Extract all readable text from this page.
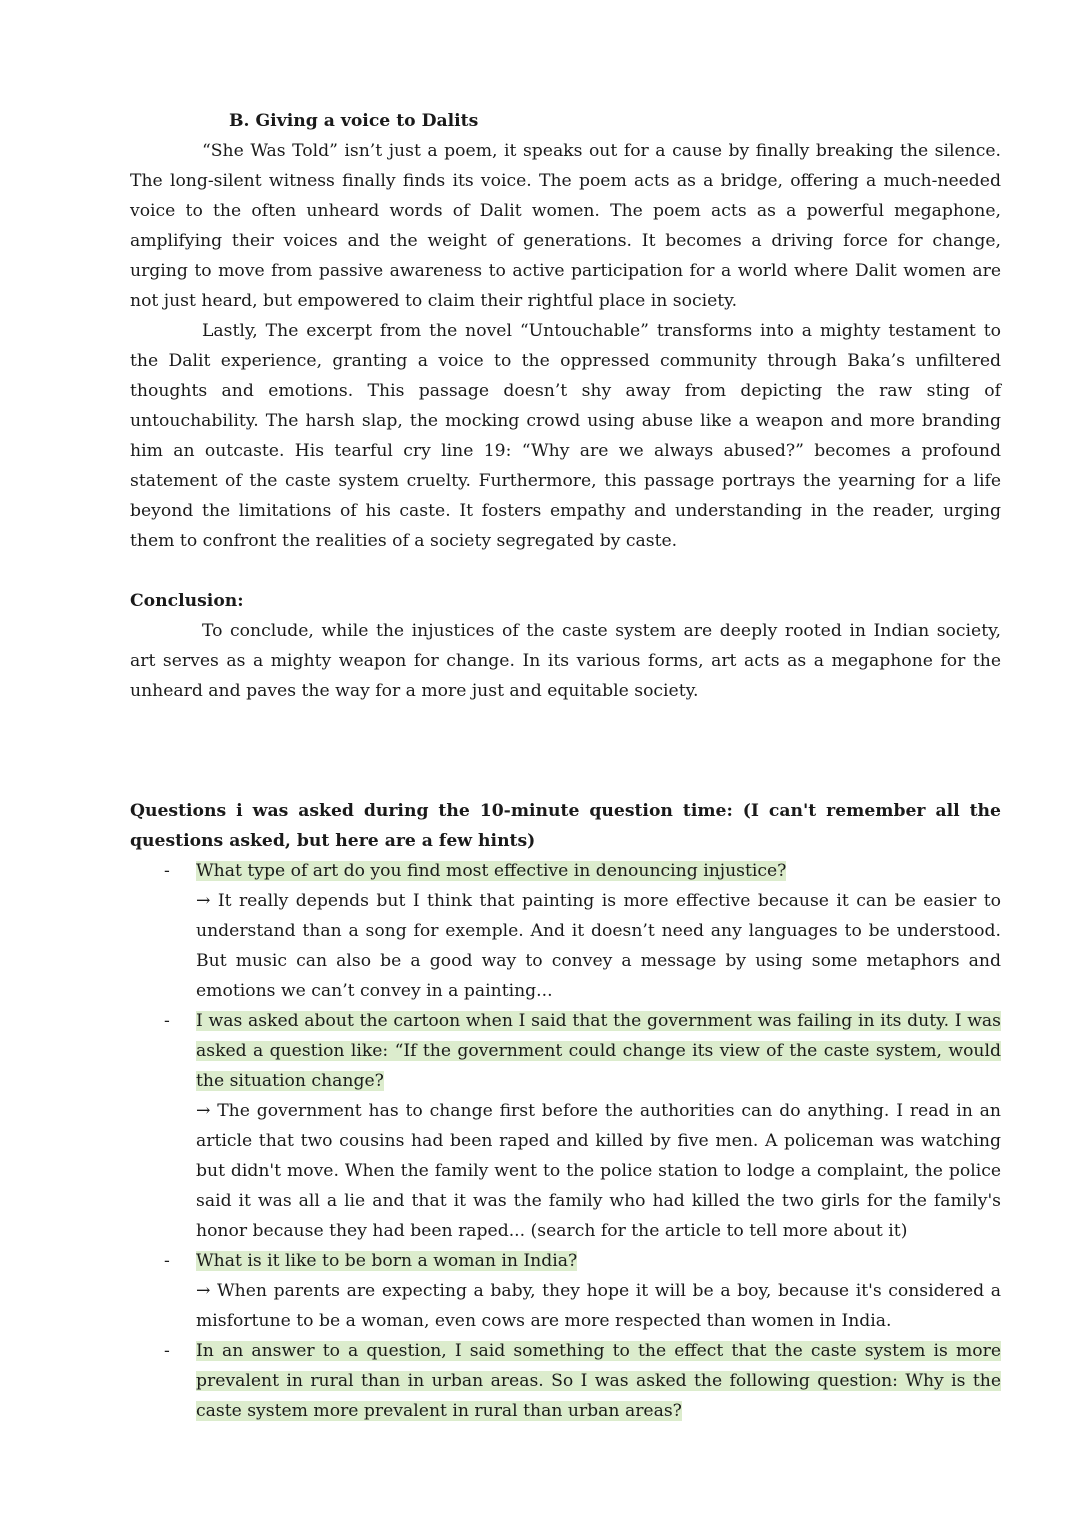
B. Giving a voice to Dalits
“She Was Told” isn’t just a poem, it speaks out for a cause by finally breaking the silence. The long-silent witness finally finds its voice. The poem acts as a bridge, offering a much-needed voice to the often unheard words of Dalit women. The poem acts as a powerful megaphone, amplifying their voices and the weight of generations. It becomes a driving force for change, urging to move from passive awareness to active participation for a world where Dalit women are not just heard, but empowered to claim their rightful place in society.
Lastly, The excerpt from the novel “Untouchable” transforms into a mighty testament to the Dalit experience, granting a voice to the oppressed community through Baka’s unfiltered thoughts and emotions. This passage doesn’t shy away from depicting the raw sting of untouchability. The harsh slap, the mocking crowd using abuse like a weapon and more branding him an outcaste. His tearful cry line 19: “Why are we always abused?” becomes a profound statement of the caste system cruelty. Furthermore, this passage portrays the yearning for a life beyond the limitations of his caste. It fosters empathy and understanding in the reader, urging them to confront the realities of a society segregated by caste.
Conclusion:
To conclude, while the injustices of the caste system are deeply rooted in Indian society, art serves as a mighty weapon for change. In its various forms, art acts as a megaphone for the unheard and paves the way for a more just and equitable society.
Questions i was asked during the 10-minute question time: (I can't remember all the questions asked, but here are a few hints)
- What type of art do you find most effective in denouncing injustice?
→ It really depends but I think that painting is more effective because it can be easier to understand than a song for exemple. And it doesn’t need any languages to be understood. But music can also be a good way to convey a message by using some metaphors and emotions we can’t convey in a painting...
- I was asked about the cartoon when I said that the government was failing in its duty. I was asked a question like: “If the government could change its view of the caste system, would the situation change?
→ The government has to change first before the authorities can do anything. I read in an article that two cousins had been raped and killed by five men. A policeman was watching but didn't move. When the family went to the police station to lodge a complaint, the police said it was all a lie and that it was the family who had killed the two girls for the family's honor because they had been raped... (search for the article to tell more about it)
- What is it like to be born a woman in India?
→ When parents are expecting a baby, they hope it will be a boy, because it's considered a misfortune to be a woman, even cows are more respected than women in India.
- In an answer to a question, I said something to the effect that the caste system is more prevalent in rural than in urban areas. So I was asked the following question: Why is the caste system more prevalent in rural than urban areas?
